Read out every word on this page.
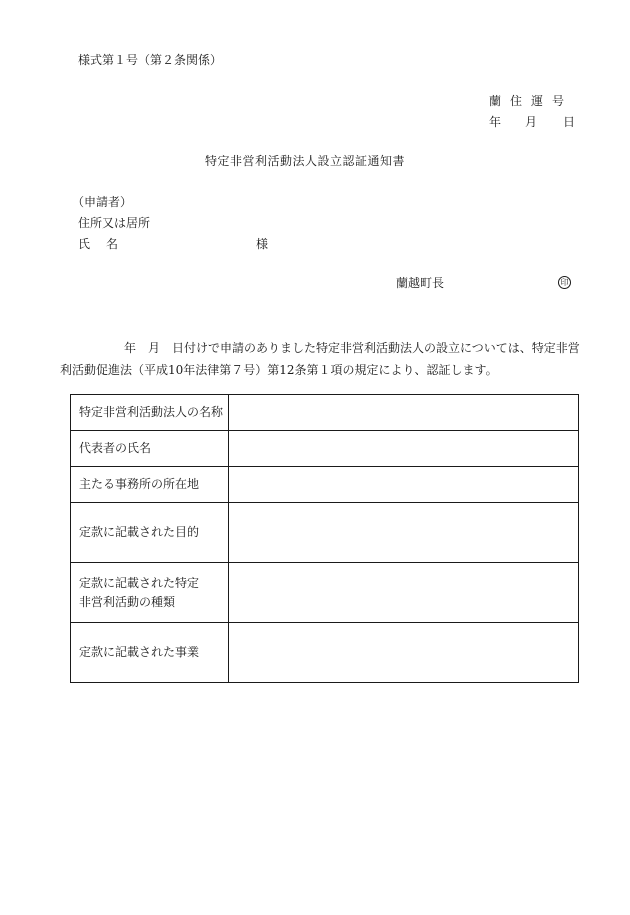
様式第１号（第２条関係）
蘭住運号
年 月 日
特定非営利活動法人設立認証通知書
（申請者）
住所又は居所
氏名	様
蘭越町長	印
年　月　日付けで申請のありました特定非営利活動法人の設立については、特定非営
利活動促進法（平成10年法律第７号）第12条第１項の規定により、認証します。
特定非営利活動法人の名称	
代表者の氏名	
主たる事務所の所在地	
定款に記載された目的	

定款に記載された特定
非営利活動の種類	

定款に記載された事業	
